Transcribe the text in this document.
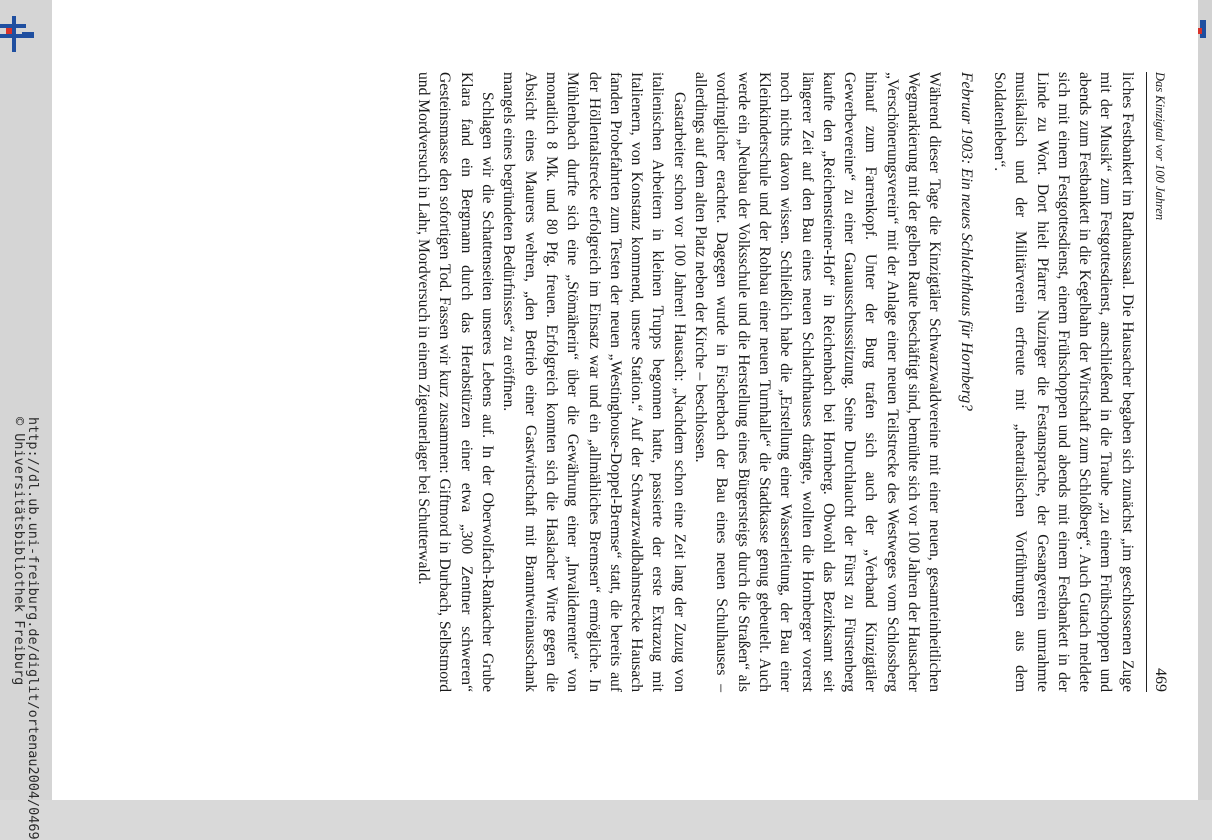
http://dl.ub.uni-freiburg.de/diglit/ortenau2004/0469
© Universitätsbibliothek Freiburg
Das Kinzigtal vor 100 Jahren
469

liches Festbankett im Rathaussaal. Die Hausacher begaben sich zunächst „im geschlossenen Zuge mit der Musik“ zum Festgottesdienst, anschließend in die Traube „zu einem Frühschoppen und abends zum Festbankett in die Kegelbahn der Wirtschaft zum Schloßberg“. Auch Gutach meldete sich mit einem Festgottesdienst, einem Frühschoppen und abends mit einem Festbankett in der Linde zu Wort. Dort hielt Pfarrer Nuzinger die Festansprache, der Gesangverein umrahmte musikalisch und der Militärverein erfreute mit „theatralischen Vorführungen aus dem Soldatenleben“.

Februar 1903: Ein neues Schlachthaus für Hornberg?

Während dieser Tage die Kinzigtäler Schwarzwaldvereine mit einer neuen, gesamteinheitlichen Wegmarkierung mit der gelben Raute beschäftigt sind, bemühte sich vor 100 Jahren der Hausacher „Verschönerungsverein“ mit der Anlage einer neuen Teilstrecke des Westweges vom Schlossberg hinauf zum Farrenkopf. Unter der Burg trafen sich auch der „Verband Kinzigtäler Gewerbevereine“ zu einer Gauausschusssitzung. Seine Durchlaucht der Fürst zu Fürstenberg kaufte den „Reichensteiner-Hof“ in Reichenbach bei Hornberg. Obwohl das Bezirksamt seit längerer Zeit auf den Bau eines neuen Schlachthauses drängte, wollten die Hornberger vorerst noch nichts davon wissen. Schließlich habe die „Erstellung einer Wasserleitung, der Bau einer Kleinkinderschule und der Rohbau einer neuen Turnhalle“ die Stadtkasse genug gebeutelt. Auch werde ein „Neubau der Volksschule und die Herstellung eines Bürgersteigs durch die Straßen“ als vordringlicher erachtet. Dagegen wurde in Fischerbach der Bau eines neuen Schulhauses – allerdings auf dem alten Platz neben der Kirche – beschlossen.

Gastarbeiter schon vor 100 Jahren! Hausach: „Nachdem schon eine Zeit lang der Zuzug von italienischen Arbeitern in kleinen Trupps begonnen hatte, passierte der erste Extrazug mit Italienern, von Konstanz kommend, unsere Station.“ Auf der Schwarzwaldbahnstrecke Hausach fanden Probefahrten zum Testen der neuen „Westinghouse-Doppel-Bremse“ statt, die bereits auf der Höllentalstrecke erfolgreich im Einsatz war und ein „allmähliches Bremsen“ ermögliche. In Mühlenbach durfte sich eine „Stömäherin“ über die Gewährung einer „Invalidenrente“ von monatlich 8 Mk. und 80 Pfg. freuen. Erfolgreich konnten sich die Haslacher Wirte gegen die Absicht eines Maurers wehren, „den Betrieb einer Gastwirtschaft mit Branntweinausschank mangels eines begründeten Bedürfnisses“ zu eröffnen.

Schlagen wir die Schattenseiten unseres Lebens auf. In der Oberwolfach-Rankacher Grube Klara fand ein Bergmann durch das Herabstürzen einer etwa „300 Zentner schweren“ Gesteinsmasse den sofortigen Tod. Fassen wir kurz zusammen: Giftmord in Durbach, Selbstmord und Mordversuch in Lahr, Mordversuch in einem Zigeunerlager bei Schutterwald.
